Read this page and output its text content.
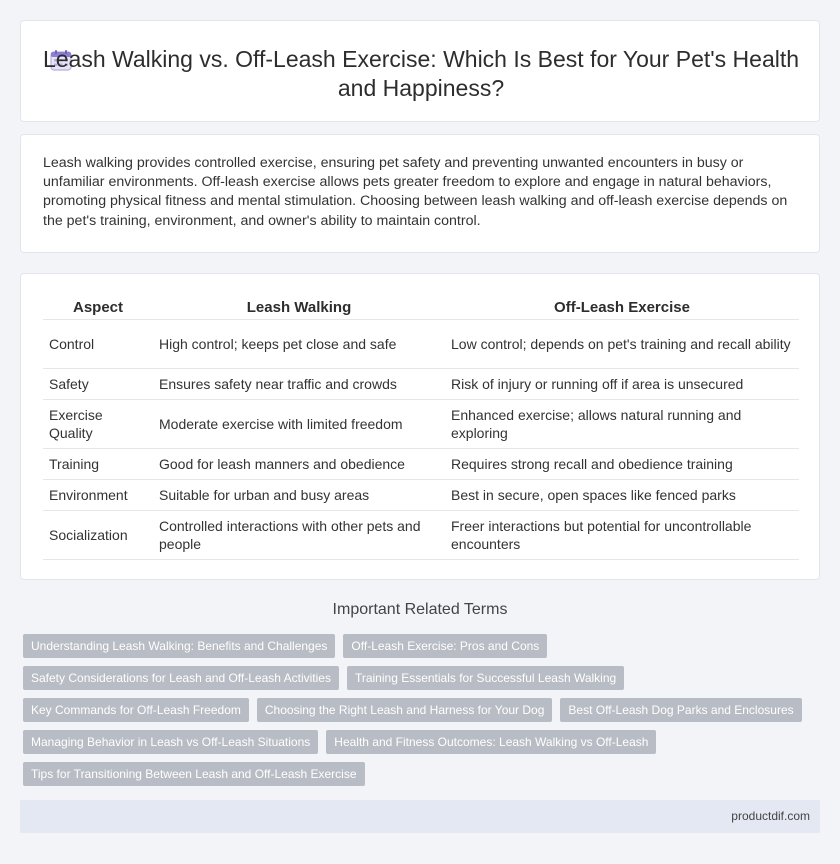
Leash Walking vs. Off-Leash Exercise: Which Is Best for Your Pet's Health and Happiness?

Leash walking provides controlled exercise, ensuring pet safety and preventing unwanted encounters in busy or unfamiliar environments. Off-leash exercise allows pets greater freedom to explore and engage in natural behaviors, promoting physical fitness and mental stimulation. Choosing between leash walking and off-leash exercise depends on the pet's training, environment, and owner's ability to maintain control.

Aspect	Leash Walking	Off-Leash Exercise
Control	High control; keeps pet close and safe	Low control; depends on pet's training and recall ability
Safety	Ensures safety near traffic and crowds	Risk of injury or running off if area is unsecured
Exercise Quality	Moderate exercise with limited freedom	Enhanced exercise; allows natural running and exploring
Training	Good for leash manners and obedience	Requires strong recall and obedience training
Environment	Suitable for urban and busy areas	Best in secure, open spaces like fenced parks
Socialization	Controlled interactions with other pets and people	Freer interactions but potential for uncontrollable encounters
Important Related Terms
Understanding Leash Walking: Benefits and Challenges	Off-Leash Exercise: Pros and Cons
Safety Considerations for Leash and Off-Leash Activities	Training Essentials for Successful Leash Walking
Key Commands for Off-Leash Freedom	Choosing the Right Leash and Harness for Your Dog	Best Off-Leash Dog Parks and Enclosures
Managing Behavior in Leash vs Off-Leash Situations	Health and Fitness Outcomes: Leash Walking vs Off-Leash
Tips for Transitioning Between Leash and Off-Leash Exercise
productdif.com
